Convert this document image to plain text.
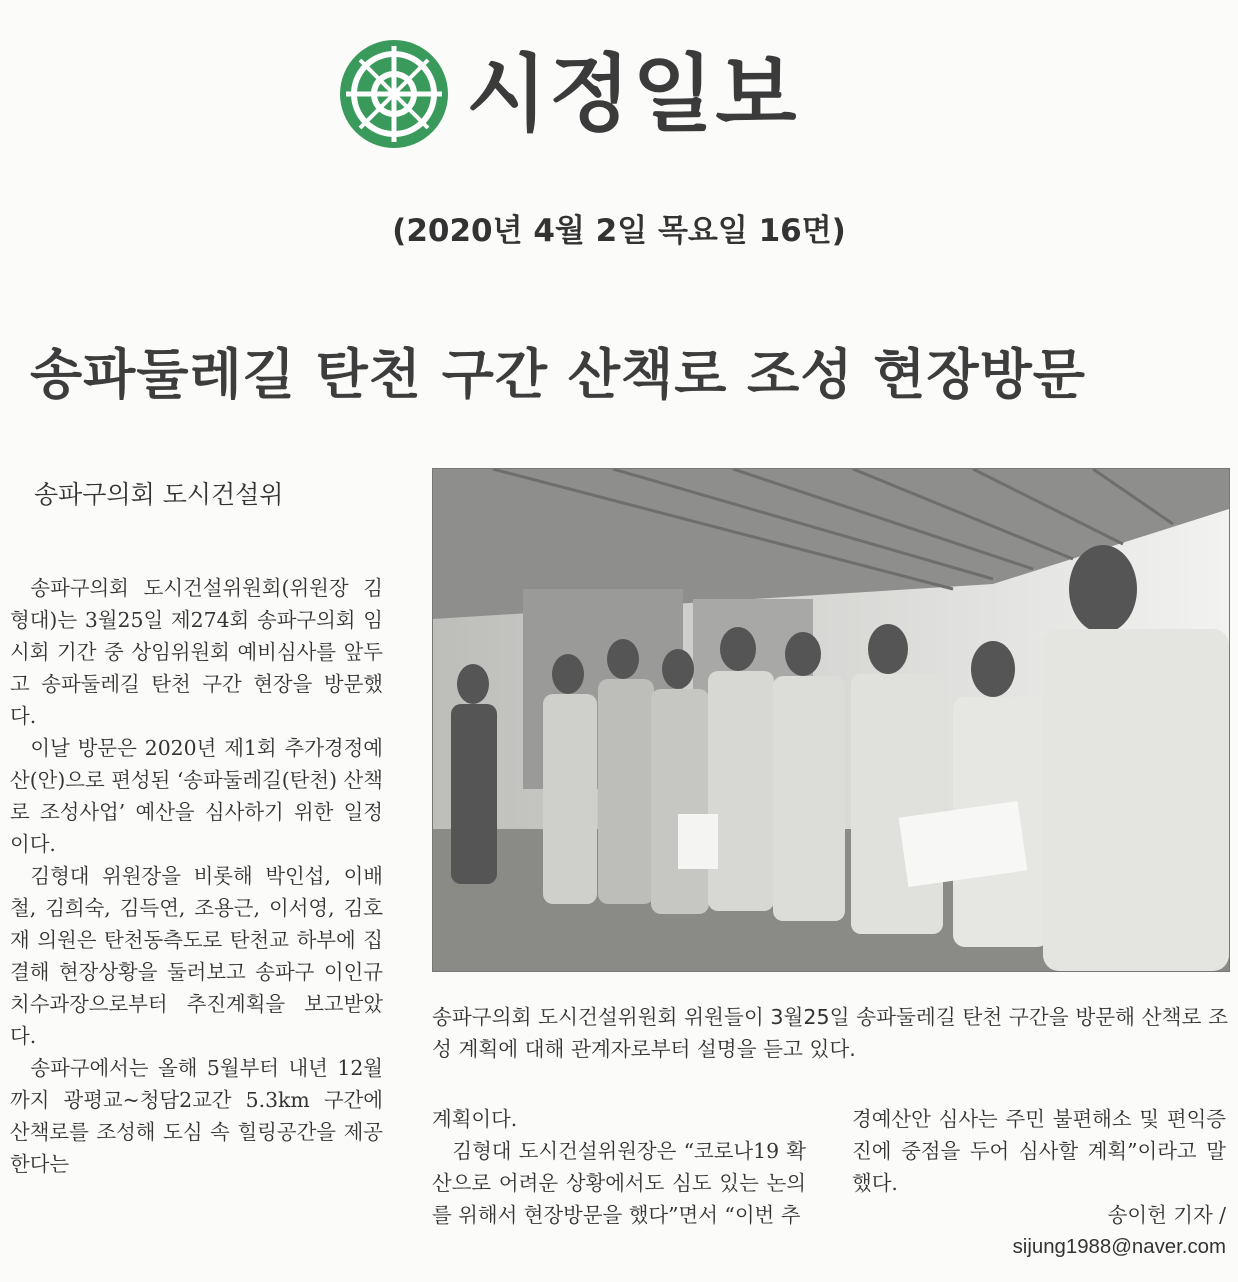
시정일보
(2020년 4월 2일 목요일 16면)
송파둘레길 탄천 구간 산책로 조성 현장방문
송파구의회 도시건설위

송파구의회 도시건설위원회(위원장 김형대)는 3월25일 제274회 송파구의회 임시회 기간 중 상임위원회 예비심사를 앞두고 송파둘레길 탄천 구간 현장을 방문했다.

이날 방문은 2020년 제1회 추가경정예산(안)으로 편성된 ‘송파둘레길(탄천) 산책로 조성사업’ 예산을 심사하기 위한 일정이다.

김형대 위원장을 비롯해 박인섭, 이배철, 김희숙, 김득연, 조용근, 이서영, 김호재 의원은 탄천동측도로 탄천교 하부에 집결해 현장상황을 둘러보고 송파구 이인규 치수과장으로부터 추진계획을 보고받았다.

송파구에서는 올해 5월부터 내년 12월까지 광평교~청담2교간 5.3km 구간에 산책로를 조성해 도심 속 힐링공간을 제공한다는

송파구의회 도시건설위원회 위원들이 3월25일 송파둘레길 탄천 구간을 방문해 산책로 조성 계획에 대해 관계자로부터 설명을 듣고 있다.

계획이다.

김형대 도시건설위원장은 “코로나19 확산으로 어려운 상황에서도 심도 있는 논의를 위해서 현장방문을 했다”면서 “이번 추

경예산안 심사는 주민 불편해소 및 편익증진에 중점을 두어 심사할 계획”이라고 말했다.

송이헌 기자 /
sijung1988@naver.com
